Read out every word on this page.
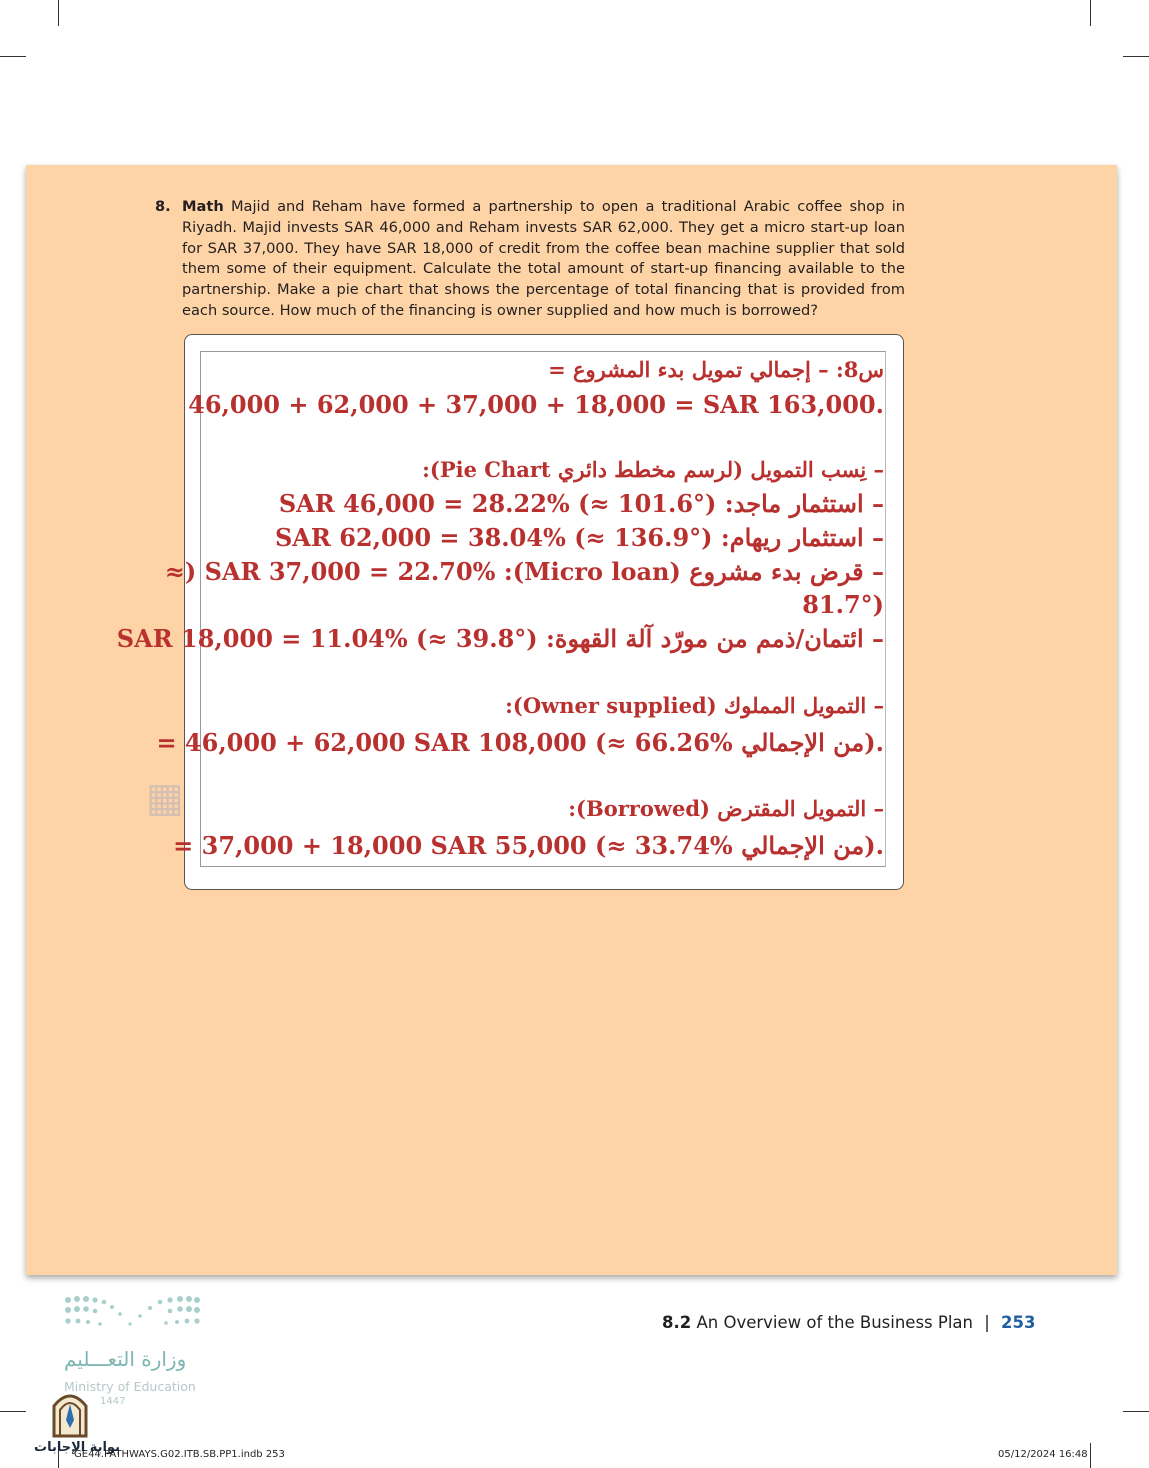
8. Math Majid and Reham have formed a partnership to open a traditional Arabic coffee shop in Riyadh. Majid invests SAR 46,000 and Reham invests SAR 62,000. They get a micro start-up loan for SAR 37,000. They have SAR 18,000 of credit from the coffee bean machine supplier that sold them some of their equipment. Calculate the total amount of start-up financing available to the partnership. Make a pie chart that shows the percentage of total financing that is provided from each source. How much of the financing is owner supplied and how much is borrowed?
س8: – إجمالي تمويل بدء المشروع =
46,000 + 62,000 + 37,000 + 18,000 = SAR 163,000.
– نِسب التمويل (لرسم مخطط دائري Pie Chart):
– استثمار ماجد: SAR 46,000 = 28.22% (≈ 101.6°)
– استثمار ريهام: SAR 62,000 = 38.04% (≈ 136.9°)
– قرض بدء مشروع (Micro loan): SAR 37,000 = 22.70% (≈
81.7°)
– ائتمان/ذمم من مورّد آلة القهوة: SAR 18,000 = 11.04% (≈ 39.8°)
– التمويل المملوك (Owner supplied):
= 46,000 + 62,000 SAR 108,000 (≈ 66.26% من الإجمالي).
– التمويل المقترض (Borrowed):
= 37,000 + 18,000 SAR 55,000 (≈ 33.74% من الإجمالي).
▦
8.2 An Overview of the Business Plan | 253
وزارة التعـــليم
Ministry of Education
1447
بوابة الإجابات
GE44.PATHWAYS.G02.ITB.SB.PP1.indb 253	05/12/2024 16:48
